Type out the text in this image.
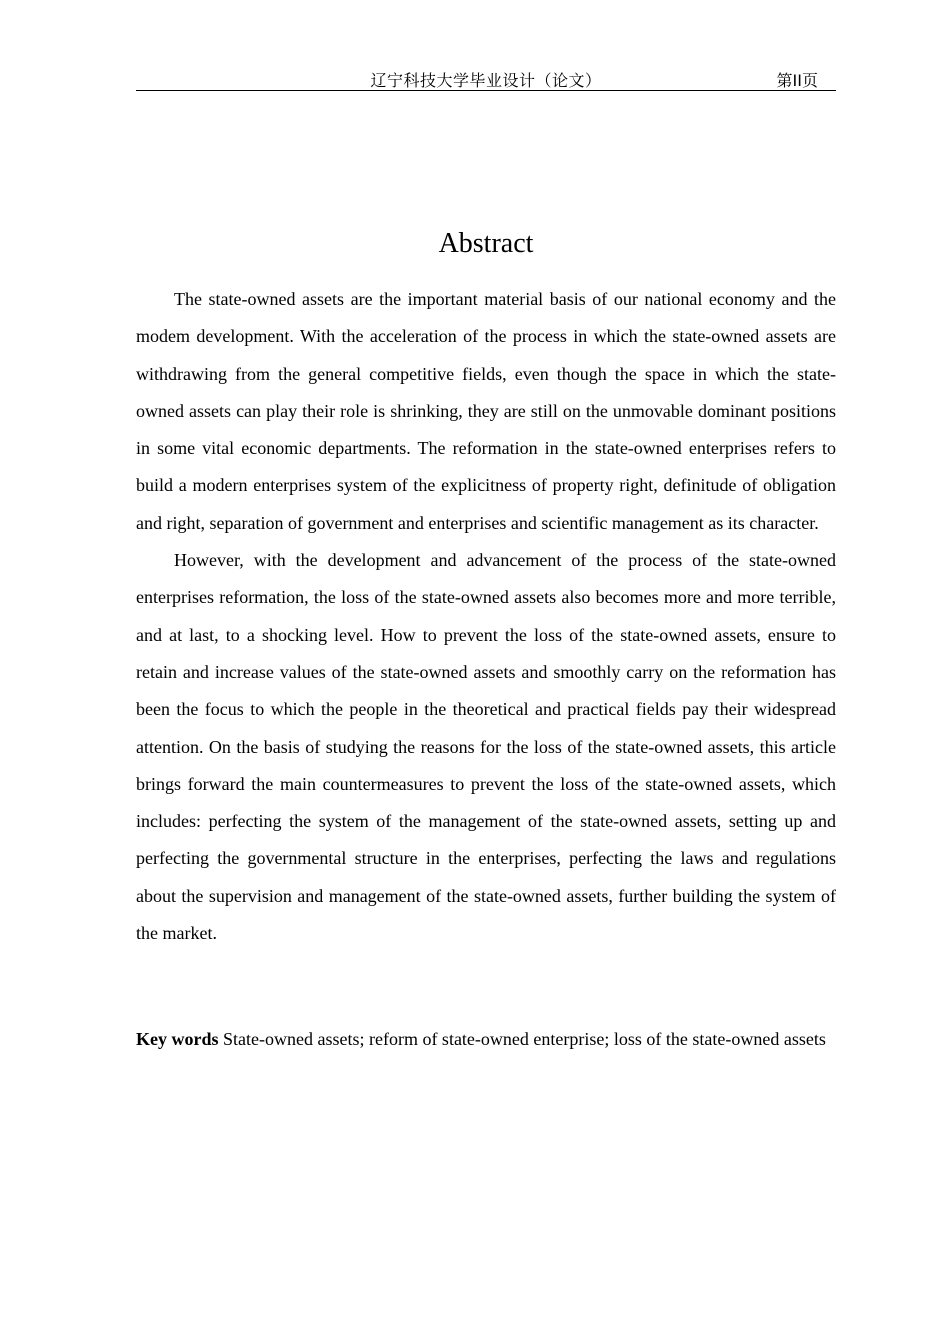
辽宁科技大学毕业设计（论文）	第II页
Abstract

The state-owned assets are the important material basis of our national economy and the modem development. With the acceleration of the process in which the state-owned assets are withdrawing from the general competitive fields, even though the space in which the state-owned assets can play their role is shrinking, they are still on the unmovable dominant positions in some vital economic departments. The reformation in the state-owned enterprises refers to build a modern enterprises system of the explicitness of property right, definitude of obligation and right, separation of government and enterprises and scientific management as its character.

However, with the development and advancement of the process of the state-owned enterprises reformation, the loss of the state-owned assets also becomes more and more terrible, and at last, to a shocking level. How to prevent the loss of the state-owned assets, ensure to retain and increase values of the state-owned assets and smoothly carry on the reformation has been the focus to which the people in the theoretical and practical fields pay their widespread attention. On the basis of studying the reasons for the loss of the state-owned assets, this article brings forward the main countermeasures to prevent the loss of the state-owned assets, which includes: perfecting the system of the management of the state-owned assets, setting up and perfecting the governmental structure in the enterprises, perfecting the laws and regulations about the supervision and management of the state-owned assets, further building the system of the market.

Key words State-owned assets; reform of state-owned enterprise; loss of the state-owned assets
